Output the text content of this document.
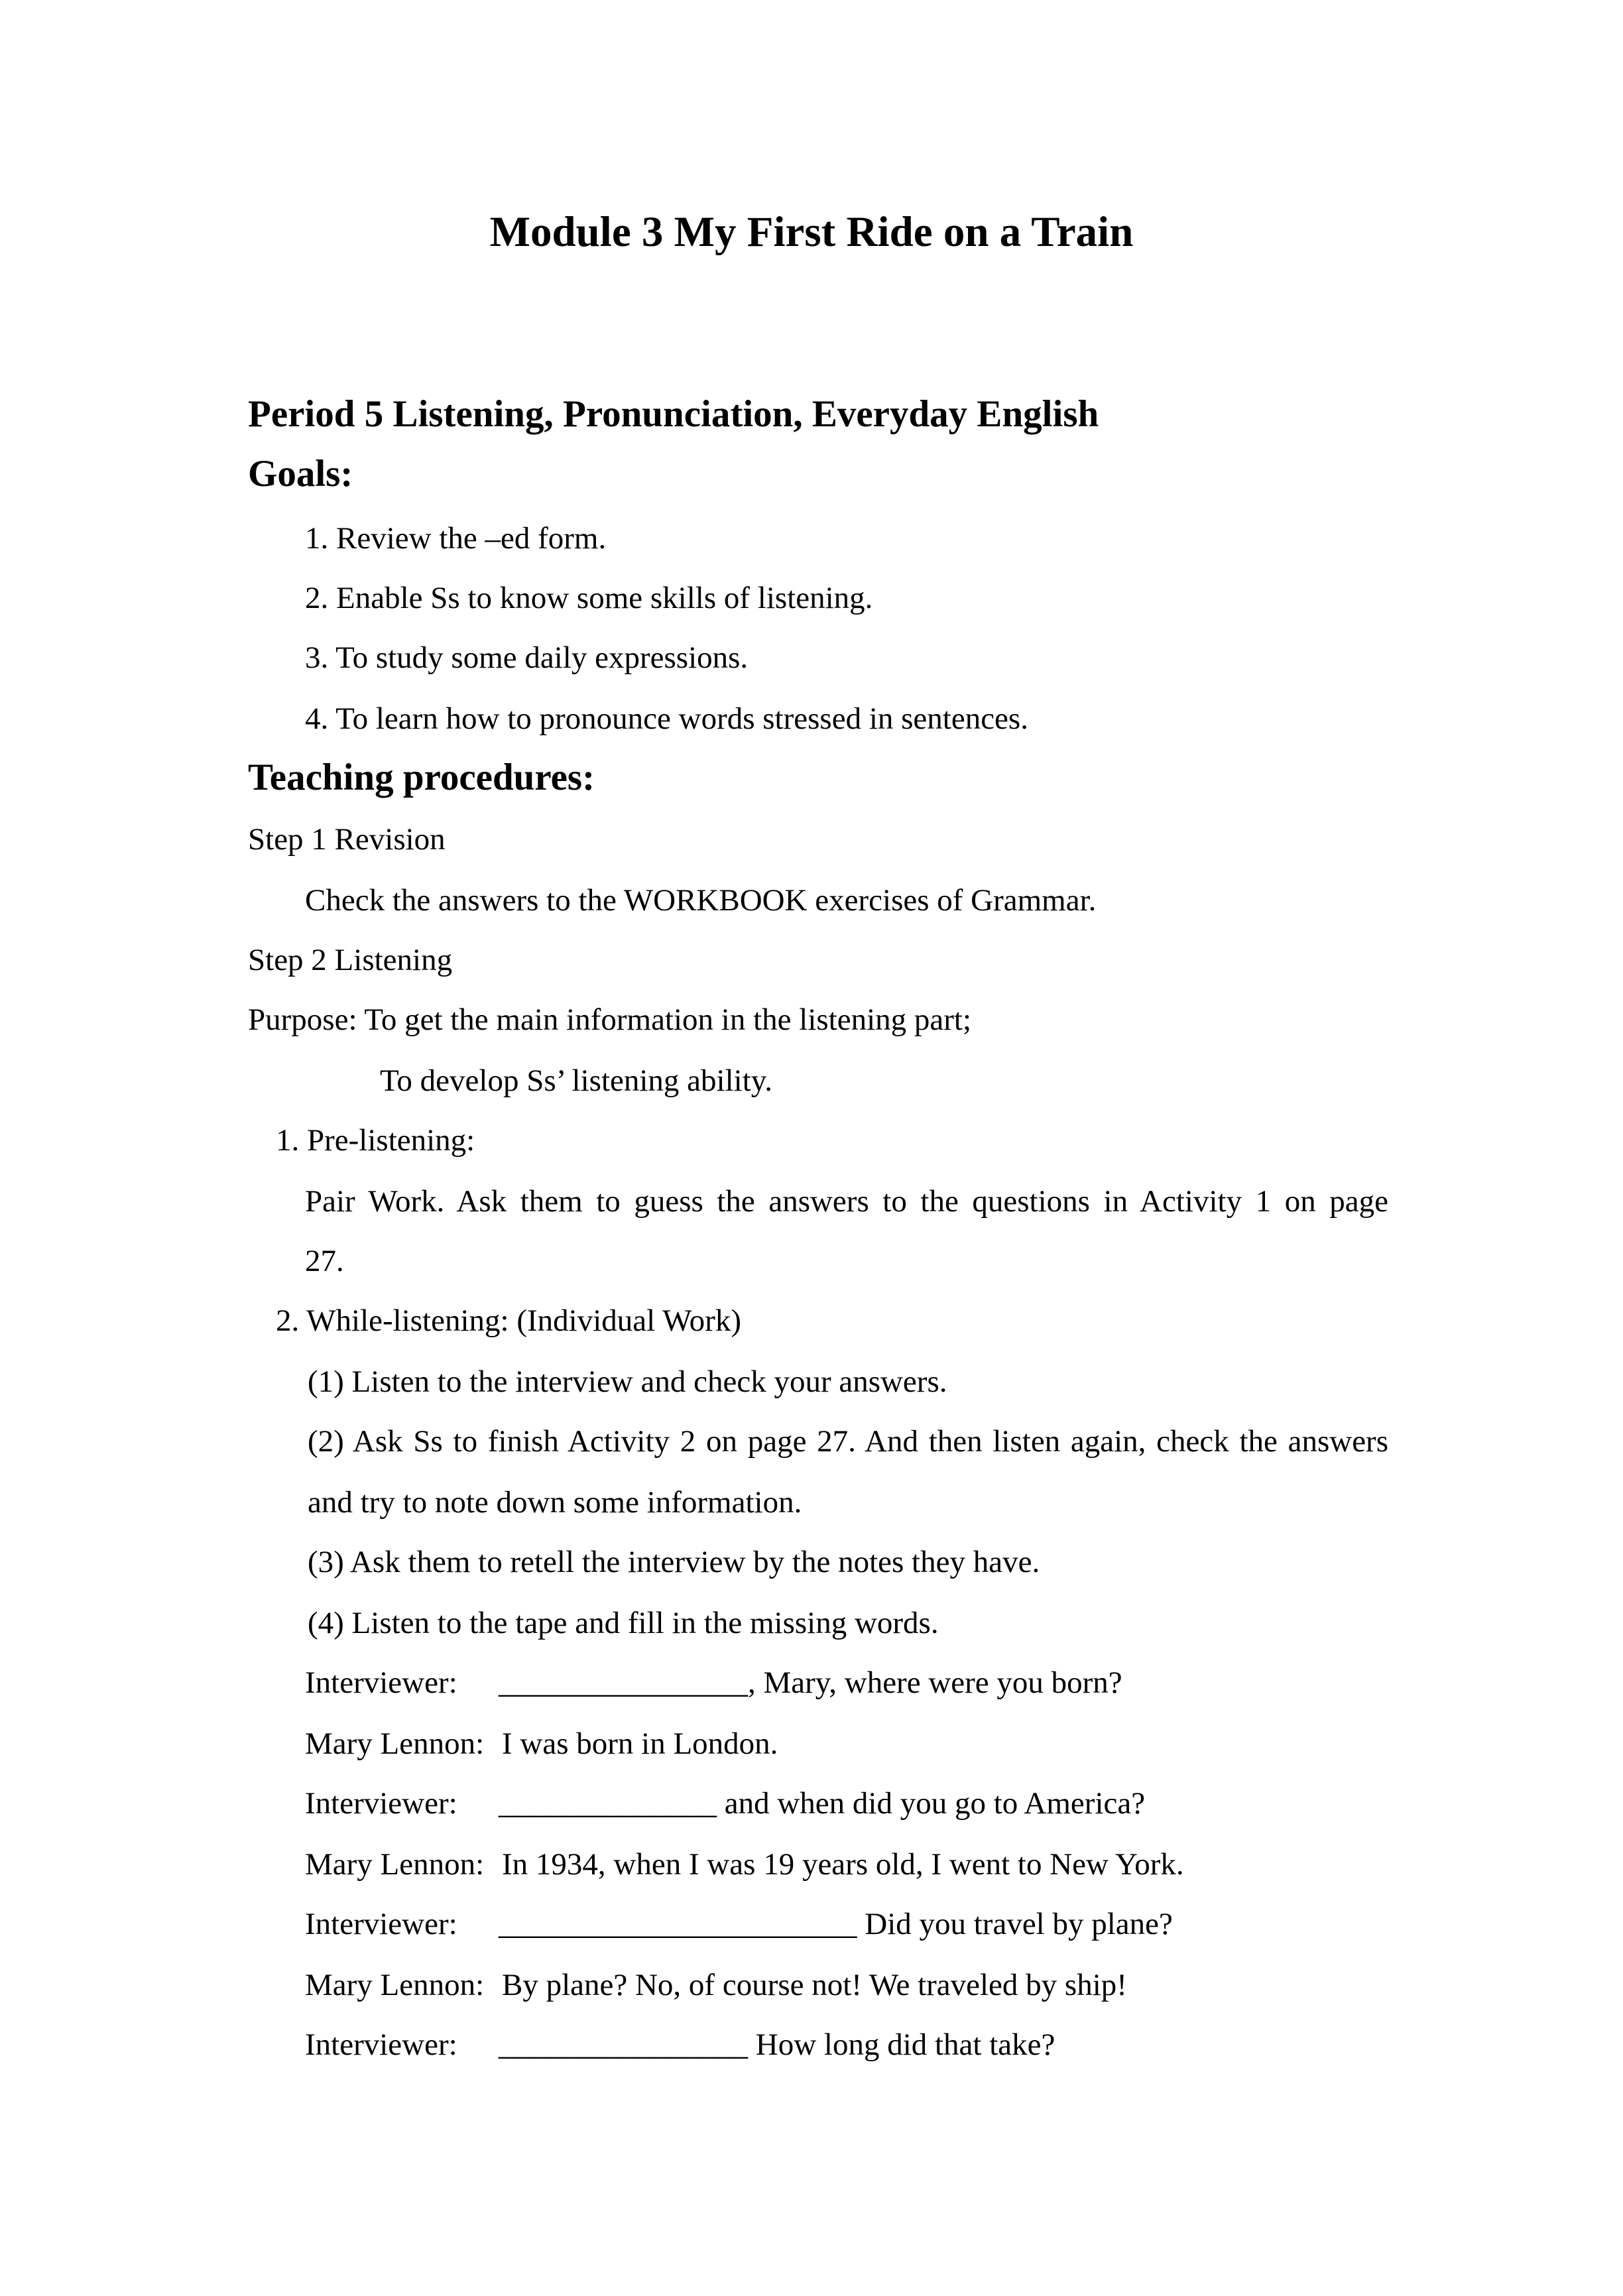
Module 3 My First Ride on a Train
Period 5 Listening, Pronunciation, Everyday English
Goals:
1. Review the –ed form.
2. Enable Ss to know some skills of listening.
3. To study some daily expressions.
4. To learn how to pronounce words stressed in sentences.
Teaching procedures:
Step 1 Revision
Check the answers to the WORKBOOK exercises of Grammar.
Step 2 Listening
Purpose: To get the main information in the listening part;
To develop Ss’ listening ability.
1. Pre-listening:
Pair Work. Ask them to guess the answers to the questions in Activity 1 on page
27.
2. While-listening: (Individual Work)
(1) Listen to the interview and check your answers.
(2) Ask Ss to finish Activity 2 on page 27. And then listen again, check the answers
and try to note down some information.
(3) Ask them to retell the interview by the notes they have.
(4) Listen to the tape and fill in the missing words.
Interviewer: ________________, Mary, where were you born?
Mary Lennon: I was born in London.
Interviewer: ______________ and when did you go to America?
Mary Lennon: In 1934, when I was 19 years old, I went to New York.
Interviewer: _______________________ Did you travel by plane?
Mary Lennon: By plane? No, of course not! We traveled by ship!
Interviewer: ________________ How long did that take?
